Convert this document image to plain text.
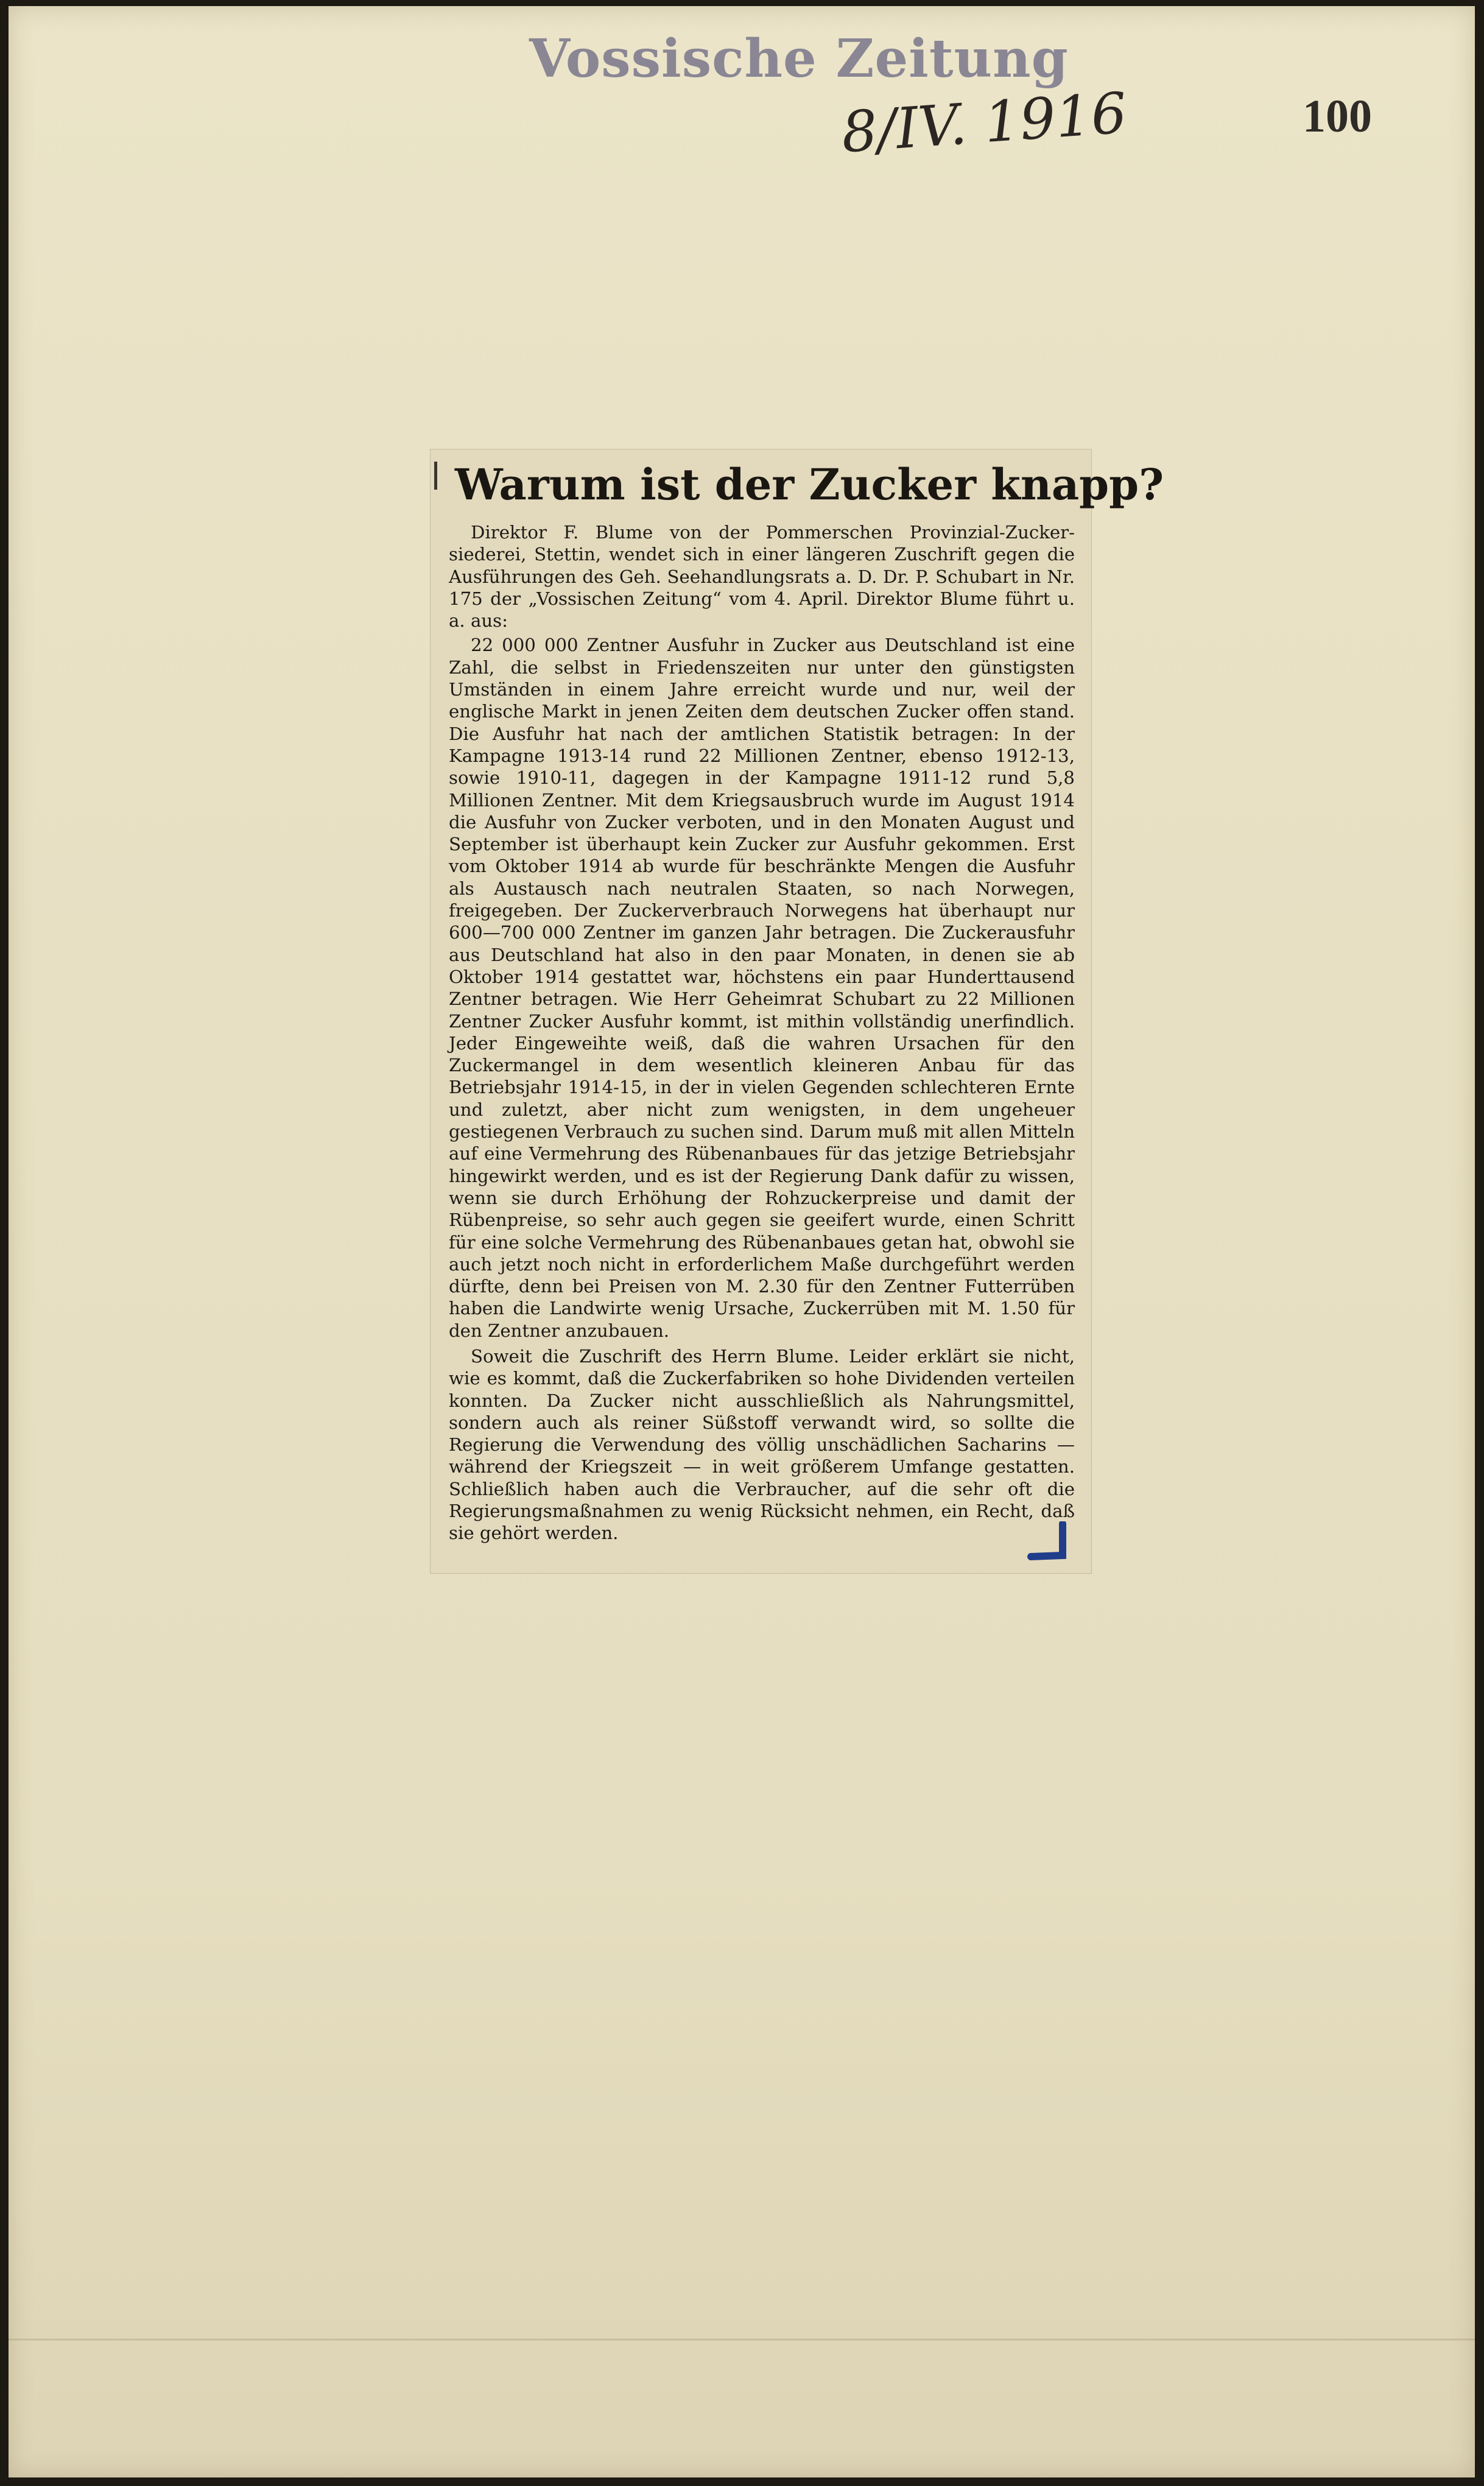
Vossische Zeitung
8/IV. 1916	100
Warum ist der Zucker knapp?

Direktor F. Blume von der Pommerschen Provinzial-Zucker-siederei, Stettin, wendet sich in einer längeren Zuschrift gegen die Ausführungen des Geh. Seehandlungsrats a. D. Dr. P. Schubart in Nr. 175 der „Vossischen Zeitung“ vom 4. April. Direktor Blume führt u. a. aus:

22 000 000 Zentner Ausfuhr in Zucker aus Deutschland ist eine Zahl, die selbst in Friedenszeiten nur unter den günstigsten Umständen in einem Jahre erreicht wurde und nur, weil der englische Markt in jenen Zeiten dem deutschen Zucker offen stand. Die Ausfuhr hat nach der amtlichen Statistik betragen: In der Kampagne 1913-14 rund 22 Millionen Zentner, ebenso 1912-13, sowie 1910-11, dagegen in der Kampagne 1911-12 rund 5,8 Millionen Zentner. Mit dem Kriegsausbruch wurde im August 1914 die Ausfuhr von Zucker verboten, und in den Monaten August und September ist überhaupt kein Zucker zur Ausfuhr gekommen. Erst vom Oktober 1914 ab wurde für beschränkte Mengen die Ausfuhr als Austausch nach neutralen Staaten, so nach Norwegen, freigegeben. Der Zuckerverbrauch Norwegens hat überhaupt nur 600—700 000 Zentner im ganzen Jahr betragen. Die Zuckerausfuhr aus Deutschland hat also in den paar Monaten, in denen sie ab Oktober 1914 gestattet war, höchstens ein paar Hunderttausend Zentner betragen. Wie Herr Geheimrat Schubart zu 22 Millionen Zentner Zucker Ausfuhr kommt, ist mithin vollständig unerfindlich. Jeder Eingeweihte weiß, daß die wahren Ursachen für den Zuckermangel in dem wesentlich kleineren Anbau für das Betriebsjahr 1914-15, in der in vielen Gegenden schlechteren Ernte und zuletzt, aber nicht zum wenigsten, in dem ungeheuer gestiegenen Verbrauch zu suchen sind. Darum muß mit allen Mitteln auf eine Vermehrung des Rübenanbaues für das jetzige Betriebsjahr hingewirkt werden, und es ist der Regierung Dank dafür zu wissen, wenn sie durch Erhöhung der Rohzuckerpreise und damit der Rübenpreise, so sehr auch gegen sie geeifert wurde, einen Schritt für eine solche Vermehrung des Rübenanbaues getan hat, obwohl sie auch jetzt noch nicht in erforderlichem Maße durchgeführt werden dürfte, denn bei Preisen von M. 2.30 für den Zentner Futterrüben haben die Landwirte wenig Ursache, Zuckerrüben mit M. 1.50 für den Zentner anzubauen.

Soweit die Zuschrift des Herrn Blume. Leider erklärt sie nicht, wie es kommt, daß die Zuckerfabriken so hohe Dividenden verteilen konnten. Da Zucker nicht ausschließlich als Nahrungsmittel, sondern auch als reiner Süßstoff verwandt wird, so sollte die Regierung die Verwendung des völlig unschädlichen Sacharins — während der Kriegszeit — in weit größerem Umfange gestatten. Schließlich haben auch die Verbraucher, auf die sehr oft die Regierungsmaßnahmen zu wenig Rücksicht nehmen, ein Recht, daß sie gehört werden.
